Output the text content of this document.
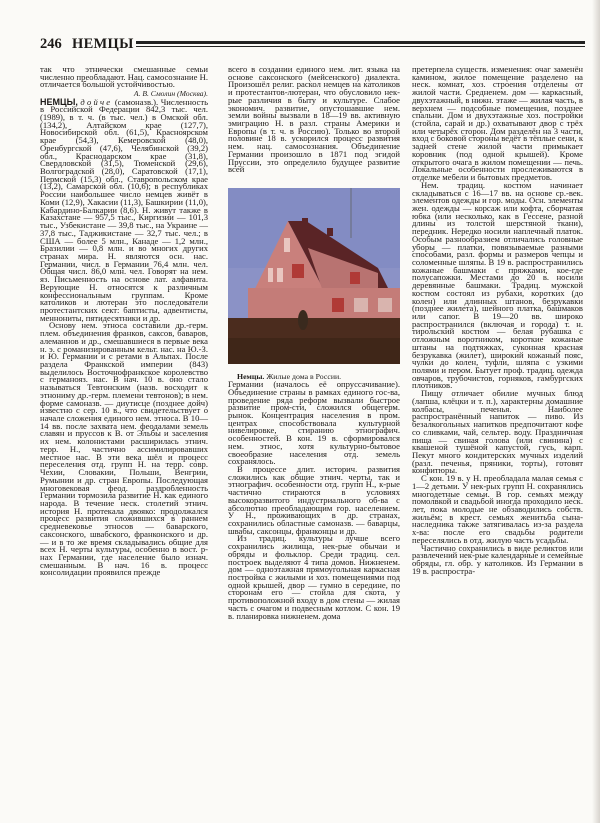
246 НЕМЦЫ

так что этнически смешанные семьи численно преобладают. Нац. самосознание Н. отличается большой устойчивостью.

А. В. Смолин (Москва).

НЕМЦЫ, дойче (самоназв.). Численность в Российской Федерации 842,3 тыс. чел. (1989), в т. ч. (в тыс. чел.) в Омской обл. (134,2), Алтайском крае (127,7), Новосибирской обл. (61,5), Красноярском крае (54,3), Кемеровской (48,0), Оренбургской (47,6), Челябинской (39,2) обл., Краснодарском крае (31,8), Свердловской (31,5), Тюменской (29,6), Волгоградской (28,0), Саратовской (17,1), Пермской (15,3) обл., Ставропольском крае (13,2), Самарской обл. (10,6); в республиках России наибольшее число немцев живёт в Коми (12,9), Хакасии (11,3), Башкирии (11,0), Кабардино-Балкарии (8,6). Н. живут также в Казахстане — 957,5 тыс., Киргизии — 101,3 тыс., Узбекистане — 39,8 тыс., на Украине — 37,8 тыс., Таджикистане — 32,7 тыс. чел.; в США — более 5 млн., Канаде — 1,2 млн., Бразилии — 0,8 млн. и во многих других странах мира. Н. являются осн. нас. Германии, числ. в Германии 76,4 млн. чел. Общая числ. 86,0 млн. чел. Говорят на нем. яз. Письменность на основе лат. алфавита. Верующие Н. относятся к различным конфессиональным группам. Кроме католиков и лютеран это последователи протестантских сект: баптисты, адвентисты, меннониты, пятидесятники и др.

Основу нем. этноса составили др.-герм. плем. объединения франков, саксов, баваров, алеманнов и др., смешавшиеся в первые века н. э. с романизированным кельт. нас. на Ю.-З. и Ю. Германии и с ретами в Альпах. После раздела Франкской империи (843) выделилось Восточнофранкское королевство с германояз. нас. В нач. 10 в. оно стало называться Тевтонским (назв. восходит к этнониму др.-герм. племени тевтонов); в нем. форме самоназв. — диутисце (позднее дойч) известно с сер. 10 в., что свидетельствует о начале сложения единого нем. этноса. В 10—14 вв. после захвата нем. феодалами земель славян и пруссов к В. от Эльбы и заселения их нем. колонистами расширилась этнич. терр. Н., частично ассимилировавших местное нас. В эти века шёл и процесс переселения отд. групп Н. на терр. совр. Чехии, Словакии, Польши, Венгрии, Румынии и др. стран Европы. Последующая многовековая феод. раздробленность Германии тормозила развитие Н. как единого народа. В течение неск. столетий этнич. история Н. протекала двояко: продолжался процесс развития сложившихся в раннем средневековье этносов — баварского, саксонского, швабского, франконского и др. — и в то же время складывались общие для всех Н. черты культуры, особенно в вост. р-нах Германии, где население было изнач. смешанным. В нач. 16 в. процесс консолидации проявился прежде

всего в создании единого нем. лит. языка на основе саксонского (мейсенского) диалекта. Произошёл религ. раскол немцев на католиков и протестантов-лютеран, что обусловило нек-рые различия в быту и культуре. Слабое экономич. развитие, опустошавшие нем. земли войны вызвали в 18—19 вв. активную эмиграцию Н. в разл. страны Америки и Европы (в т. ч. в Россию). Только во второй половине 18 в. ускорился процесс развития нем. нац. самосознания. Объединение Германии произошло в 1871 под эгидой Пруссии, это определило будущее развитие всей

Немцы. Жилые дома в России.

Германии (началось её опруссачивание). Объединение страны в рамках единого гос-ва, проведение ряда реформ вызвали быстрое развитие пром-сти, сложился общегерм. рынок. Концентрация населения в пром. центрах способствовала культурной нивелировке, стиранию этнографич. особенностей. В кон. 19 в. сформировался нем. этнос, хотя культурно-бытовое своеобразие населения отд. земель сохранялось.

В процессе длит. историч. развития сложились как общие этнич. черты, так и этнографич. особенности отд. групп Н., к-рые частично стираются в условиях высокоразвитого индустриального об-ва с абсолютно преобладающим гор. населением. У Н., проживающих в др. странах, сохранились областные самоназв. — баварцы, швабы, саксонцы, франконцы и др.

Из традиц. культуры лучше всего сохранились жилища, нек-рые обычаи и обряды и фольклор. Среди традиц. сел. построек выделяют 4 типа домов. Нижненем. дом — одноэтажная прямоугольная каркасная постройка с жилыми и хоз. помещениями под одной крышей, двор — гумно в середине, по сторонам его — стойла для скота, у противоположной входу в дом стены — жилая часть с очагом и подвесным котлом. С кон. 19 в. планировка нижненем. дома

претерпела существ. изменения: очаг заменён камином, жилое помещение разделено на неск. комнат, хоз. строения отделены от жилой части. Средненем. дом — каркасный, двухэтажный, в нижн. этаже — жилая часть, в верхнем — подсобные помещения, позднее спальни. Дом и двухэтажные хоз. постройки (стойла, сарай и др.) охватывают двор с трёх или четырёх сторон. Дом разделён на 3 части, вход с боковой стороны ведёт в тёплые сени, к задней стене жилой части примыкает коровник (под одной крышей). Кроме открытого очага в жилом помещении — печь. Локальные особенности прослеживаются в отделке мебели и бытовых предметов.

Нем. традиц. костюм начинает складываться с 16—17 вв. на основе ср.-век. элементов одежды и гор. моды. Осн. элементы жен. одежды — корсаж или кофта, сборчатая юбка (или несколько, как в Гессене, разной длины из толстой шерстяной ткани), передник. Нередко носили наплечный платок. Особым разнообразием отличались головные уборы — платки, повязываемые разными способами, разл. формы и размеров чепцы и соломенные шляпы. В 19 в. распространились кожаные башмаки с пряжками, кое-где полусапожки. Местами до 20 в. носили деревянные башмаки. Традиц. мужской костюм состоял из рубахи, коротких (до колен) или длинных штанов, безрукавки (позднее жилета), шейного платка, башмаков или сапог. В 19—20 вв. широко распространился (включая и города) т. н. тирольский костюм — белая рубашка с отложным воротником, короткие кожаные штаны на подтяжках, суконная красная безрукавка (жилет), широкий кожаный пояс, чулки до колен, туфли, шляпа с узкими полями и пером. Бытует проф. традиц. одежда овчаров, трубочистов, горняков, гамбургских плотников.

Пищу отличает обилие мучных блюд (лапша, клёцки и т. п.), характерны домашние колбасы, печенья. Наиболее распространённый напиток — пиво. Из безалкогольных напитков предпочитают кофе со сливками, чай, сельтер. воду. Праздничная пища — свиная голова (или свинина) с квашеной тушёной капустой, гусь, карп. Пекут много кондитерских мучных изделий (разл. печенья, пряники, торты), готовят конфитюры.

С кон. 19 в. у Н. преобладала малая семья с 1—2 детьми. У нек-рых групп Н. сохранялись многодетные семьи. В гор. семьях между помолвкой и свадьбой иногда проходило неск. лет, пока молодые не обзаводились собств. жильём; в крест. семьях женитьба сына-наследника также затягивалась из-за раздела х-ва: после его свадьбы родители переселялись в отд. жилую часть усадьбы.

Частично сохранились в виде реликтов или развлечений нек-рые календарные и семейные обряды, гл. обр. у католиков. Из Германии в 19 в. распростра-
